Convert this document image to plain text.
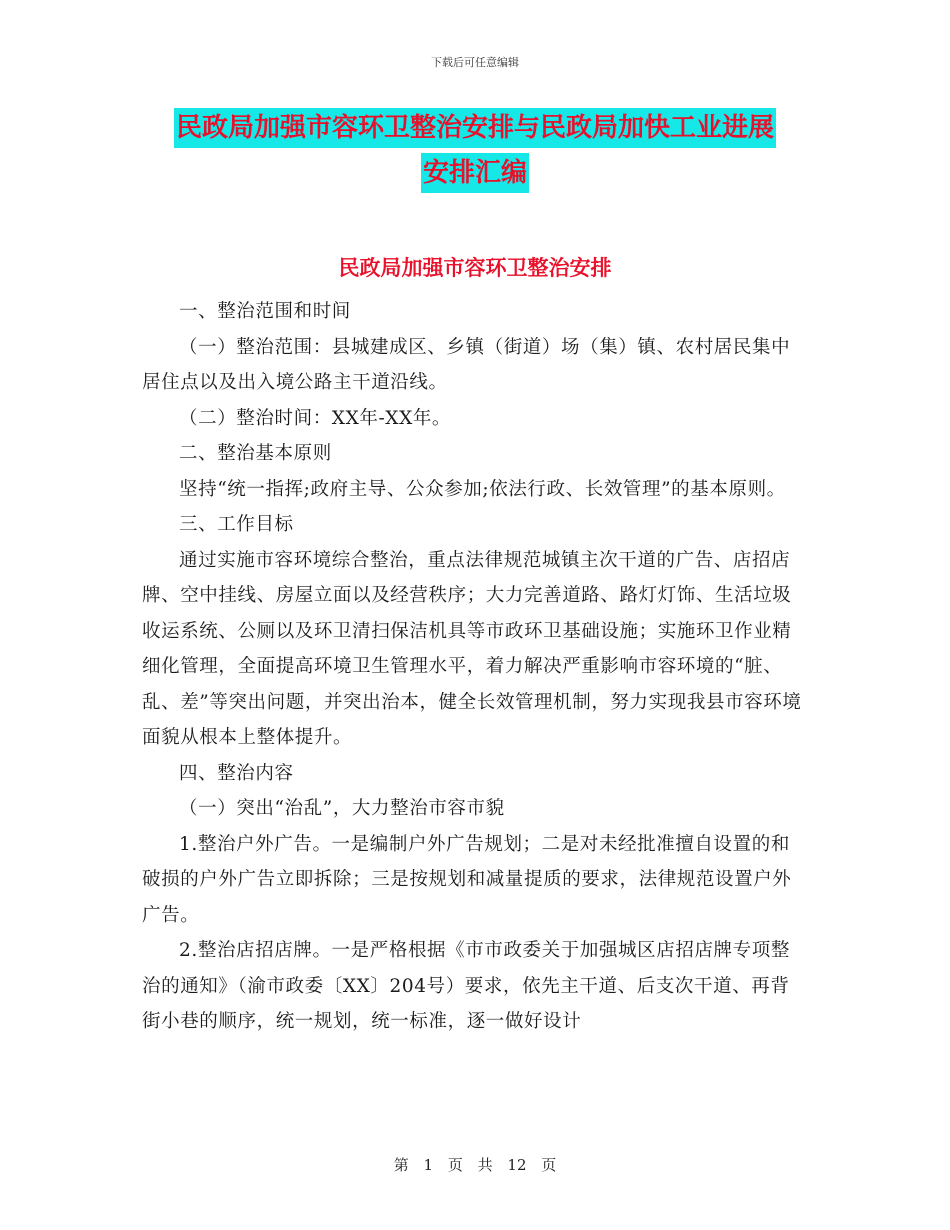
下载后可任意编辑
民政局加强市容环卫整治安排与民政局加快工业进展
安排汇编
民政局加强市容环卫整治安排

一、整治范围和时间

（一）整治范围：县城建成区、乡镇（街道）场（集）镇、农村居民集中居住点以及出入境公路主干道沿线。

（二）整治时间：XX年-XX年。

二、整治基本原则

坚持“统一指挥;政府主导、公众参加;依法行政、长效管理”的基本原则。

三、工作目标

通过实施市容环境综合整治，重点法律规范城镇主次干道的广告、店招店牌、空中挂线、房屋立面以及经营秩序；大力完善道路、路灯灯饰、生活垃圾收运系统、公厕以及环卫清扫保洁机具等市政环卫基础设施；实施环卫作业精细化管理，全面提高环境卫生管理水平，着力解决严重影响市容环境的“脏、乱、差”等突出问题，并突出治本，健全长效管理机制，努力实现我县市容环境面貌从根本上整体提升。

四、整治内容

（一）突出“治乱”，大力整治市容市貌

1.整治户外广告。一是编制户外广告规划；二是对未经批准擅自设置的和破损的户外广告立即拆除；三是按规划和减量提质的要求，法律规范设置户外广告。

2.整治店招店牌。一是严格根据《市市政委关于加强城区店招店牌专项整治的通知》（渝市政委〔XX〕204号）要求，依先主干道、后支次干道、再背街小巷的顺序，统一规划，统一标准，逐一做好设计

第 1 页 共 12 页
